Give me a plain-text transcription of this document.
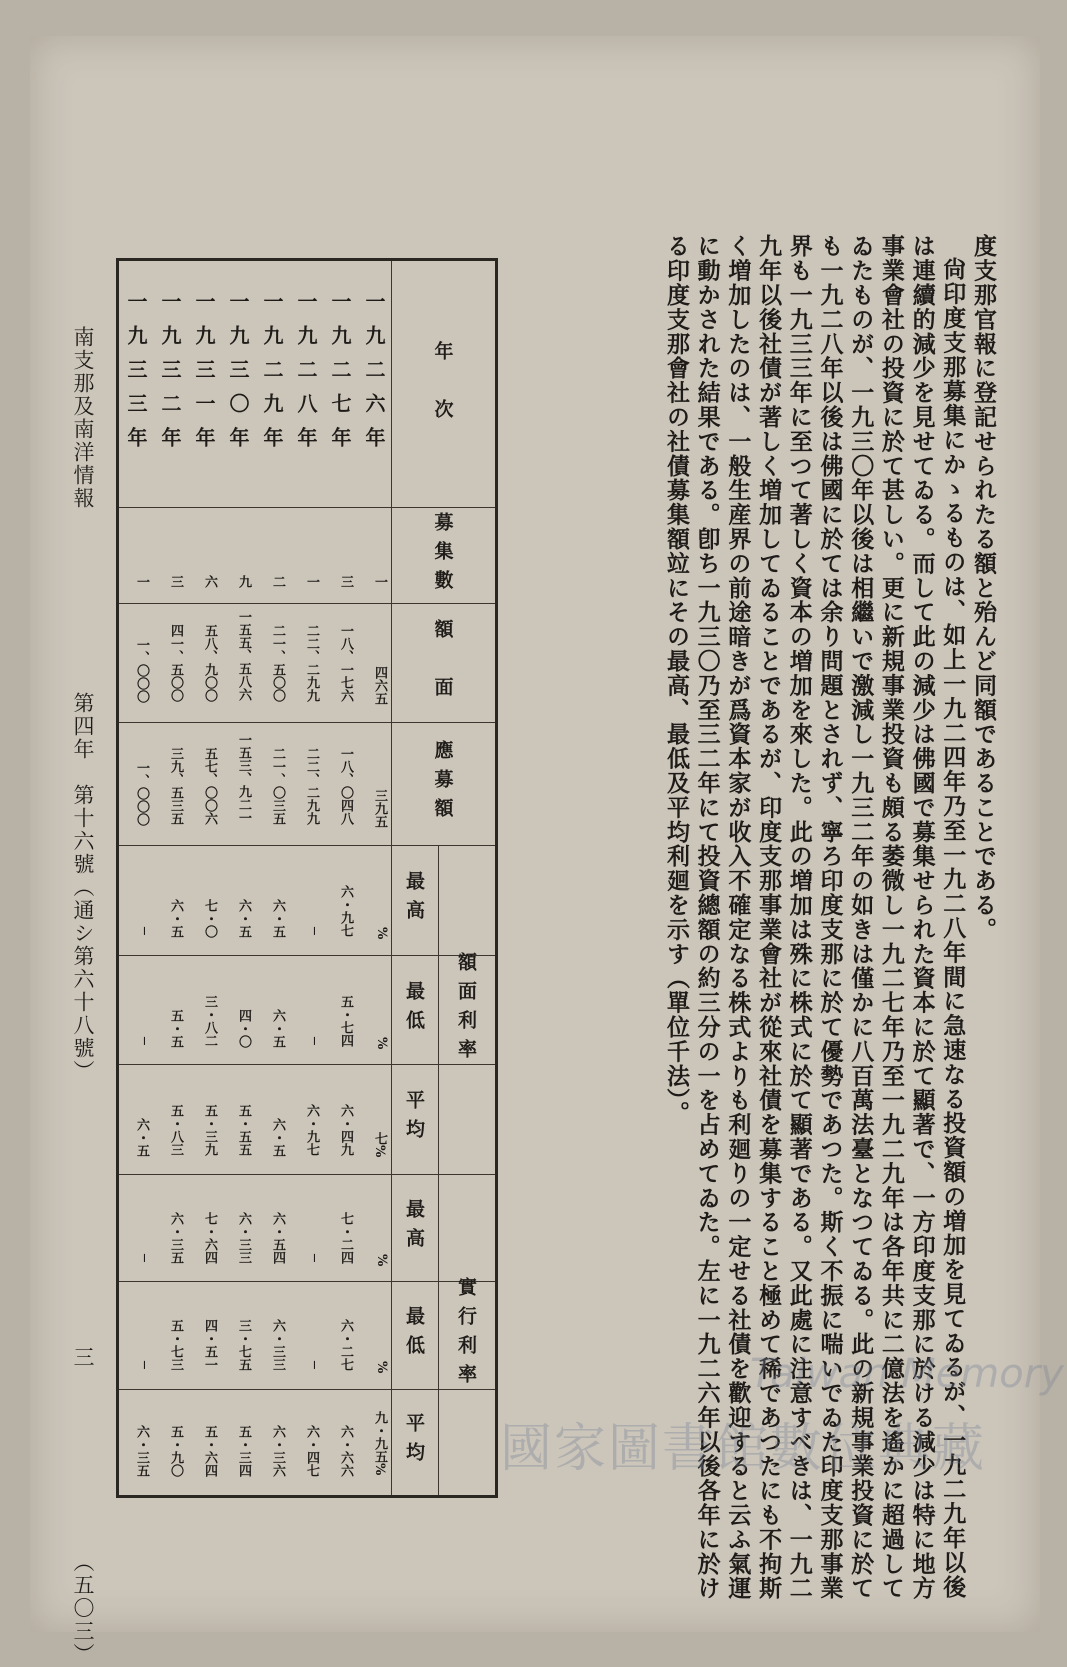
度支那官報に登記せられたる額と殆んど同額であることである。

尙印度支那募集にかゝるものは、如上一九二四年乃至一九二八年間に急速なる投資額の増加を見てゐるが、一九二九年以後は連續的減少を見せてゐる。而して此の減少は佛國で募集せられた資本に於て顯著で、一方印度支那に於ける減少は特に地方事業會社の投資に於て甚しい。更に新規事業投資も頗る萎微し一九二七年乃至一九二九年は各年共に二億法を遙かに超過してゐたものが、一九三〇年以後は相繼いで激減し一九三二年の如きは僅かに八百萬法臺となつてゐる。此の新規事業投資に於ても一九二八年以後は佛國に於ては余り問題とされず、寧ろ印度支那に於て優勢であつた。斯く不振に喘いでゐた印度支那事業界も一九三三年に至つて著しく資本の増加を來した。此の増加は殊に株式に於て顯著である。又此處に注意すべきは、一九二九年以後社債が著しく増加してゐることであるが、印度支那事業會社が從來社債を募集すること極めて稀であつたにも不拘斯く増加したのは、一般生産界の前途暗きが爲資本家が收入不確定なる株式よりも利廻りの一定せる社債を歡迎すると云ふ氣運に動かされた結果である。卽ち一九三〇乃至三二年にて投資總額の約三分の一を占めてゐた。左に一九二六年以後各年に於ける印度支那會社の社債募集額竝にその最高、最低及平均利廻を示す（單位千法）。

年　次
募集數
額　面
應募額
額面利率
實行利率
最高
最低
平均
最高
最低
平均
一九二六年
一
四六五
三九五
%
%
七%
%
%
九・九五%
一九二七年
三
一八、一七六
一八、〇四八
六・九七
五・七四
六・四九
七・二四
六・二七
六・六六
一九二八年
一
二二、二九九
二二、二九九
─
─
六・九七
─
─
六・四七
一九二九年
二
二一、五〇〇
二一、〇三五
六・五
六・五
六・五
六・五四
六・三三
六・三六
一九三〇年
九
一五五、五八六
一五三、九二一
六・五
四・〇
五・五五
六・三三
三・七五
五・三四
一九三一年
六
五八、九〇〇
五七、〇〇六
七・〇
三・八二
五・三九
七・六四
四・五一
五・六四
一九三二年
三
四一、五〇〇
三九、五三五
六・五
五・五
五・八三
六・三五
五・七三
五・九〇
一九三三年
一
一、〇〇〇
一、〇〇〇
─
─
六・五
─
─
六・三五
南支那及南洋情報
第四年　第十六號（通シ第六十八號）
三
（五〇三）
Taiwan Memory
國家圖書館數位典藏
